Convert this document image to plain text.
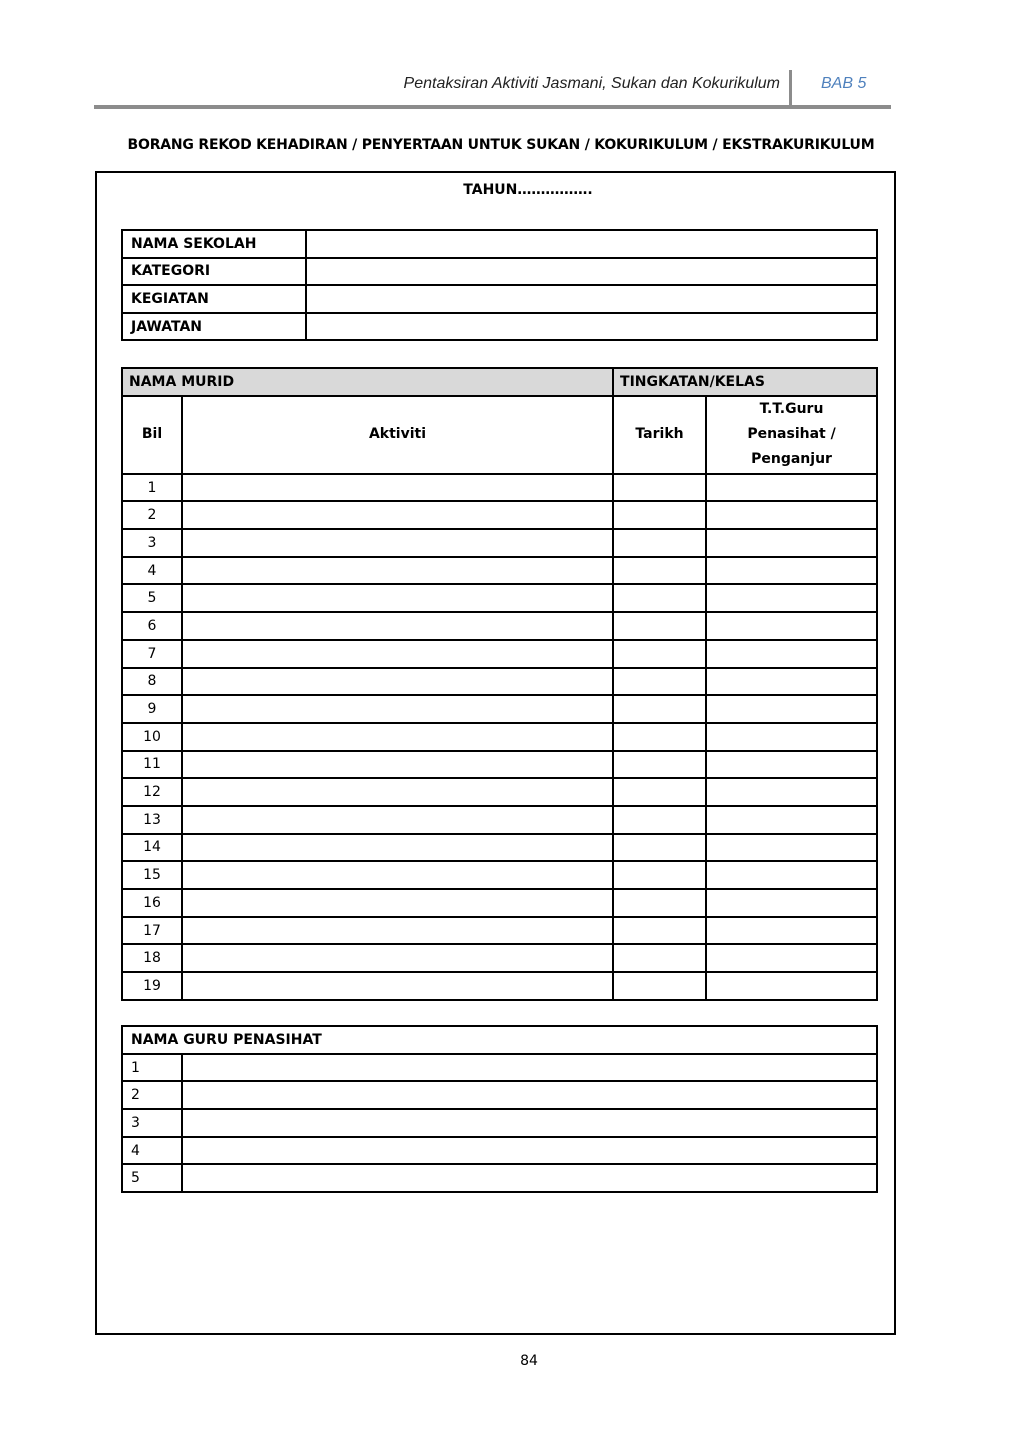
Pentaksiran Aktiviti Jasmani, Sukan dan Kokurikulum	BAB 5
BORANG REKOD KEHADIRAN / PENYERTAAN UNTUK SUKAN / KOKURIKULUM / EKSTRAKURIKULUM
TAHUN…………….
NAMA SEKOLAH	
KATEGORI	
KEGIATAN	
JAWATAN	
NAMA MURID		TINGKATAN/KELAS	
Bil	Aktiviti	Tarikh	T.T.Guru
Penasihat /
Penganjur

1			
2			
3			
4			
5			
6			
7			
8			
9			
10			
11			
12			
13			
14			
15			
16			
17			
18			
19			
NAMA GURU PENASIHAT	
1	
2	
3	
4	
5	
84
